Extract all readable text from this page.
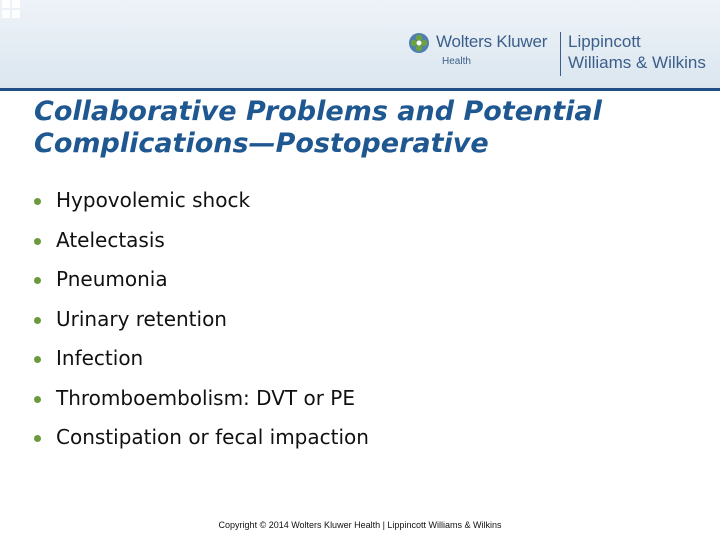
Wolters Kluwer
Health
Lippincott
Williams & Wilkins
Collaborative Problems and Potential
Complications—Postoperative
Hypovolemic shock
Atelectasis
Pneumonia
Urinary retention
Infection
Thromboembolism: DVT or PE
Constipation or fecal impaction
Copyright © 2014 Wolters Kluwer Health | Lippincott Williams & Wilkins
